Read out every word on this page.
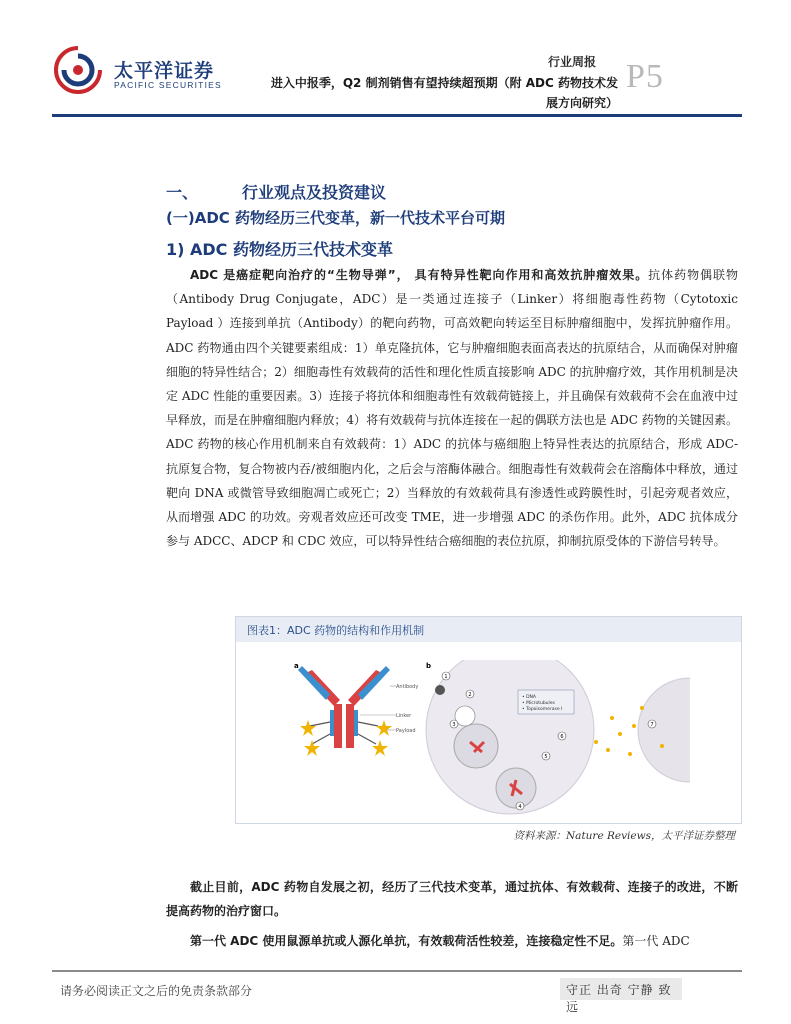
太平洋证券
PACIFIC SECURITIES
行业周报
进入中报季，Q2 制剂销售有望持续超预期（附 ADC 药物技术发
展方向研究）
P5
一、	行业观点及投资建议
(一)ADC 药物经历三代变革，新一代技术平台可期
1) ADC 药物经历三代技术变革
ADC 是癌症靶向治疗的“生物导弹”， 具有特异性靶向作用和高效抗肿瘤效果。抗体药物偶联物（Antibody Drug Conjugate，ADC）是一类通过连接子（Linker）将细胞毒性药物（Cytotoxic Payload ）连接到单抗（Antibody）的靶向药物，可高效靶向转运至目标肿瘤细胞中，发挥抗肿瘤作用。ADC 药物通由四个关键要素组成：1）单克隆抗体，它与肿瘤细胞表面高表达的抗原结合，从而确保对肿瘤细胞的特异性结合；2）细胞毒性有效载荷的活性和理化性质直接影响 ADC 的抗肿瘤疗效，其作用机制是决定 ADC 性能的重要因素。3）连接子将抗体和细胞毒性有效载荷链接上，并且确保有效载荷不会在血液中过早释放，而是在肿瘤细胞内释放；4）将有效载荷与抗体连接在一起的偶联方法也是 ADC 药物的关键因素。ADC 药物的核心作用机制来自有效载荷：1）ADC 的抗体与癌细胞上特异性表达的抗原结合，形成 ADC-抗原复合物，复合物被内吞/被细胞内化，之后会与溶酶体融合。细胞毒性有效载荷会在溶酶体中释放，通过靶向 DNA 或微管导致细胞凋亡或死亡；2）当释放的有效载荷具有渗透性或跨膜性时，引起旁观者效应，从而增强 ADC 的功效。旁观者效应还可改变 TME，进一步增强 ADC 的杀伤作用。此外，ADC 抗体成分参与 ADCC、ADCP 和 CDC 效应，可以特异性结合癌细胞的表位抗原，抑制抗原受体的下游信号转导。
图表1：ADC 药物的结构和作用机制
a
Antibody
Linker
Payload
b
1
2
3
4
5
6
7
• DNA
• Microtubules
• Topoisomerase I
资料来源：Nature Reviews，太平洋证券整理
截止目前，ADC 药物自发展之初，经历了三代技术变革，通过抗体、有效载荷、连接子的改进，不断提高药物的治疗窗口。
第一代 ADC 使用鼠源单抗或人源化单抗，有效载荷活性较差，连接稳定性不足。第一代 ADC
请务必阅读正文之后的免责条款部分	守正 出奇 宁静 致远
